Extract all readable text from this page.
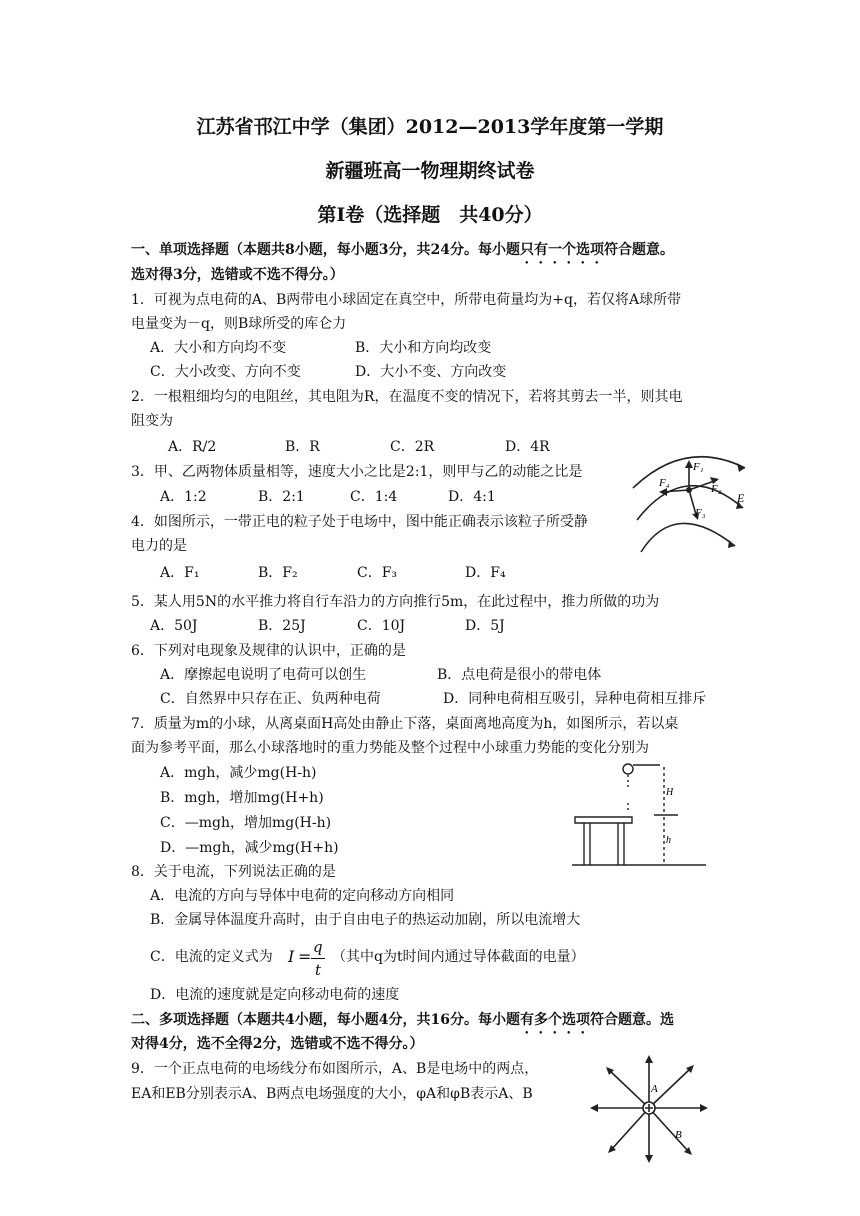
江苏省邗江中学（集团）2012—2013学年度第一学期
新疆班高一物理期终试卷
第Ⅰ卷（选择题　共40分）
一、单项选择题（本题共8小题，每小题3分，共24分。每小题只有一个选项符合题意。
选对得3分，选错或不选不得分。）
1．可视为点电荷的A、B两带电小球固定在真空中，所带电荷量均为+q，若仅将A球所带
电量变为－q，则B球所受的库仑力
A．大小和方向均不变	B．大小和方向均改变
C．大小改变、方向不变	D．大小不变、方向改变
2．一根粗细均匀的电阻丝，其电阻为R，在温度不变的情况下，若将其剪去一半，则其电
阻变为
A．R/2	B．R	C．2R	D．4R
3．甲、乙两物体质量相等，速度大小之比是2:1，则甲与乙的动能之比是
A．1:2	B．2:1	C．1:4	D．4:1
F₁
F₂
F₄
F₃
E
4．如图所示，一带正电的粒子处于电场中，图中能正确表示该粒子所受静
电力的是
A．F₁	B．F₂	C．F₃	D．F₄
5．某人用5N的水平推力将自行车沿力的方向推行5m，在此过程中，推力所做的功为
A．50J	B．25J	C．10J	D．5J
6．下列对电现象及规律的认识中，正确的是
A．摩擦起电说明了电荷可以创生	B．点电荷是很小的带电体
C．自然界中只存在正、负两种电荷	D．同种电荷相互吸引，异种电荷相互排斥
7．质量为m的小球，从离桌面H高处由静止下落，桌面离地高度为h，如图所示，若以桌
面为参考平面，那么小球落地时的重力势能及整个过程中小球重力势能的变化分别为
A．mgh，减少mg(H-h)
B．mgh，增加mg(H+h)
C．—mgh，增加mg(H-h)
D．—mgh，减少mg(H+h)
H
h
8．关于电流，下列说法正确的是
A．电流的方向与导体中电荷的定向移动方向相同
B．金属导体温度升高时，由于自由电子的热运动加剧，所以电流增大
C．电流的定义式为 I = q
t
（其中q为t时间内通过导体截面的电量）
D．电流的速度就是定向移动电荷的速度
二、多项选择题（本题共4小题，每小题4分，共16分。每小题有多个选项符合题意。选
对得4分，选不全得2分，选错或不选不得分。）
9．一个正点电荷的电场线分布如图所示，A、B是电场中的两点，
EA和EB分别表示A、B两点电场强度的大小，φA和φB表示A、B	A
B
